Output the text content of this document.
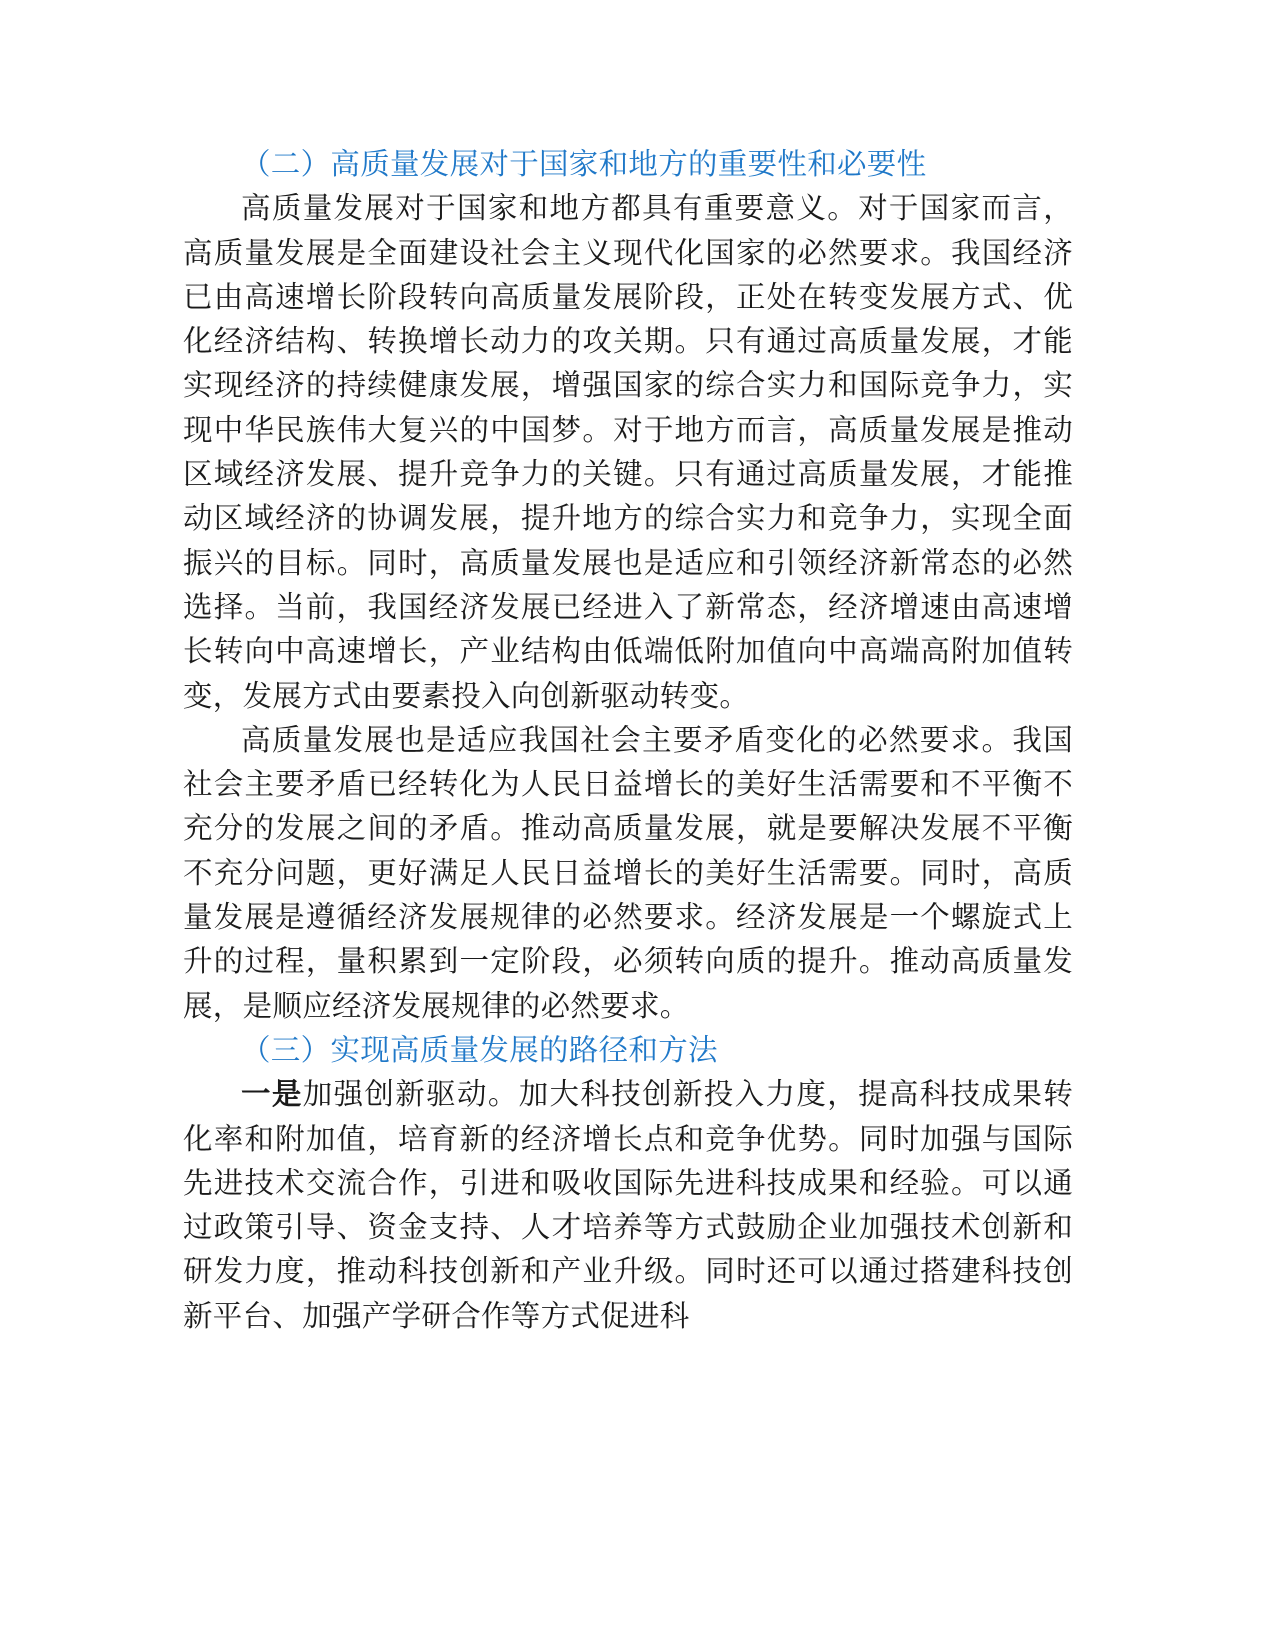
（二）高质量发展对于国家和地方的重要性和必要性

高质量发展对于国家和地方都具有重要意义。对于国家而言，高质量发展是全面建设社会主义现代化国家的必然要求。我国经济已由高速增长阶段转向高质量发展阶段，正处在转变发展方式、优化经济结构、转换增长动力的攻关期。只有通过高质量发展，才能实现经济的持续健康发展，增强国家的综合实力和国际竞争力，实现中华民族伟大复兴的中国梦。对于地方而言，高质量发展是推动区域经济发展、提升竞争力的关键。只有通过高质量发展，才能推动区域经济的协调发展，提升地方的综合实力和竞争力，实现全面振兴的目标。同时，高质量发展也是适应和引领经济新常态的必然选择。当前，我国经济发展已经进入了新常态，经济增速由高速增长转向中高速增长，产业结构由低端低附加值向中高端高附加值转变，发展方式由要素投入向创新驱动转变。

高质量发展也是适应我国社会主要矛盾变化的必然要求。我国社会主要矛盾已经转化为人民日益增长的美好生活需要和不平衡不充分的发展之间的矛盾。推动高质量发展，就是要解决发展不平衡不充分问题，更好满足人民日益增长的美好生活需要。同时，高质量发展是遵循经济发展规律的必然要求。经济发展是一个螺旋式上升的过程，量积累到一定阶段，必须转向质的提升。推动高质量发展，是顺应经济发展规律的必然要求。

（三）实现高质量发展的路径和方法

一是加强创新驱动。加大科技创新投入力度，提高科技成果转化率和附加值，培育新的经济增长点和竞争优势。同时加强与国际先进技术交流合作，引进和吸收国际先进科技成果和经验。可以通过政策引导、资金支持、人才培养等方式鼓励企业加强技术创新和研发力度，推动科技创新和产业升级。同时还可以通过搭建科技创新平台、加强产学研合作等方式促进科
